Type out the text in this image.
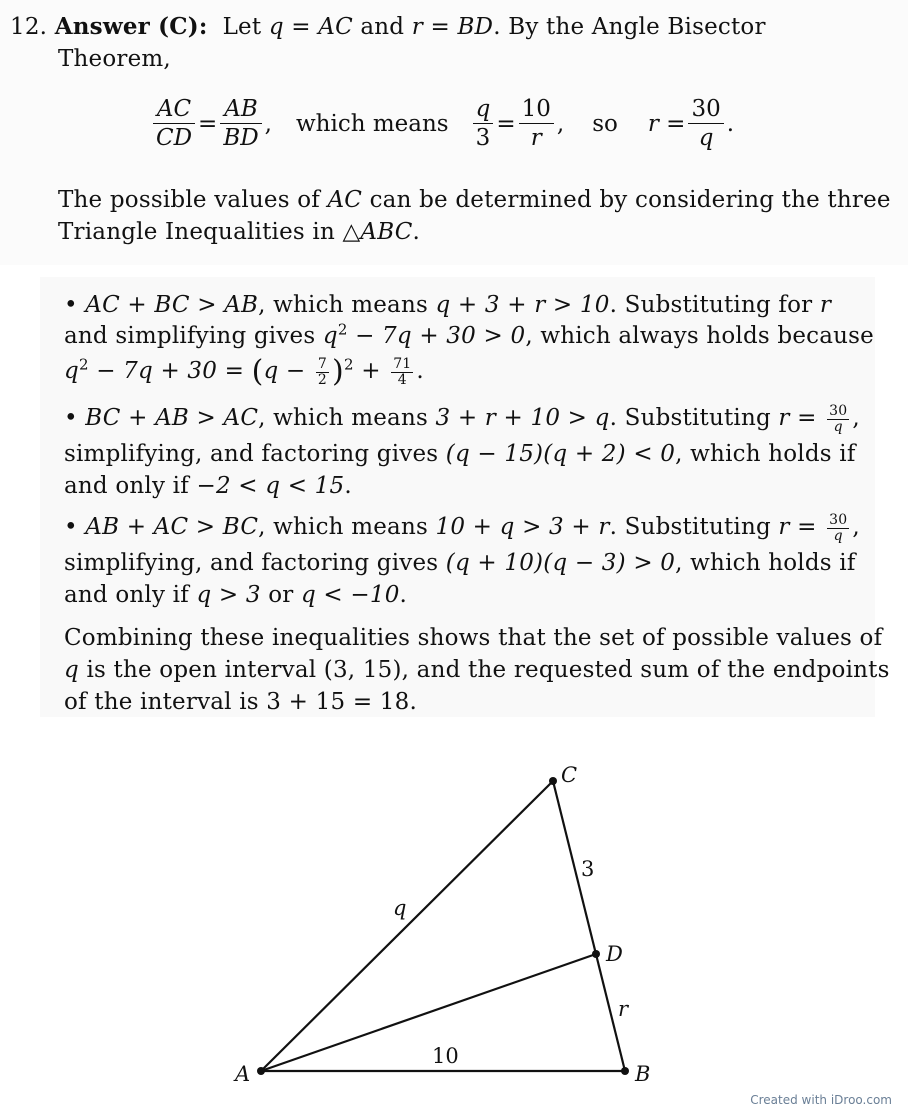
12. Answer (C): Let q = AC and r = BD. By the Angle Bisector
Theorem,
$\frac{AC}{CD} = \frac{AB}{BD}$ , which means $\frac{q}{3} = \frac{10}{r}$ , so $r = \frac{30}{q}$ .
The possible values of AC can be determined by considering the three
Triangle Inequalities in △ABC.
• AC + BC > AB, which means q + 3 + r > 10. Substituting for r
and simplifying gives $q^2 - 7q + 30 > 0$, which always holds because
$q^2 - 7q + 30 = (q - \frac{7}{2} )^2 + \frac{71}{4}$ .
• BC + AB > AC, which means 3 + r + 10 > q. Substituting $r = \frac{30}{q}$ ,
simplifying, and factoring gives (q − 15)(q + 2) < 0, which holds if
and only if −2 < q < 15.
• AB + AC > BC, which means 10 + q > 3 + r. Substituting $r = \frac{30}{q}$ ,
simplifying, and factoring gives (q + 10)(q − 3) > 0, which holds if
and only if q > 3 or q < −10.
Combining these inequalities shows that the set of possible values of
q is the open interval (3, 15), and the requested sum of the endpoints
of the interval is 3 + 15 = 18.
A	B
C
D
q
3
r
10
Created with iDroo.com
